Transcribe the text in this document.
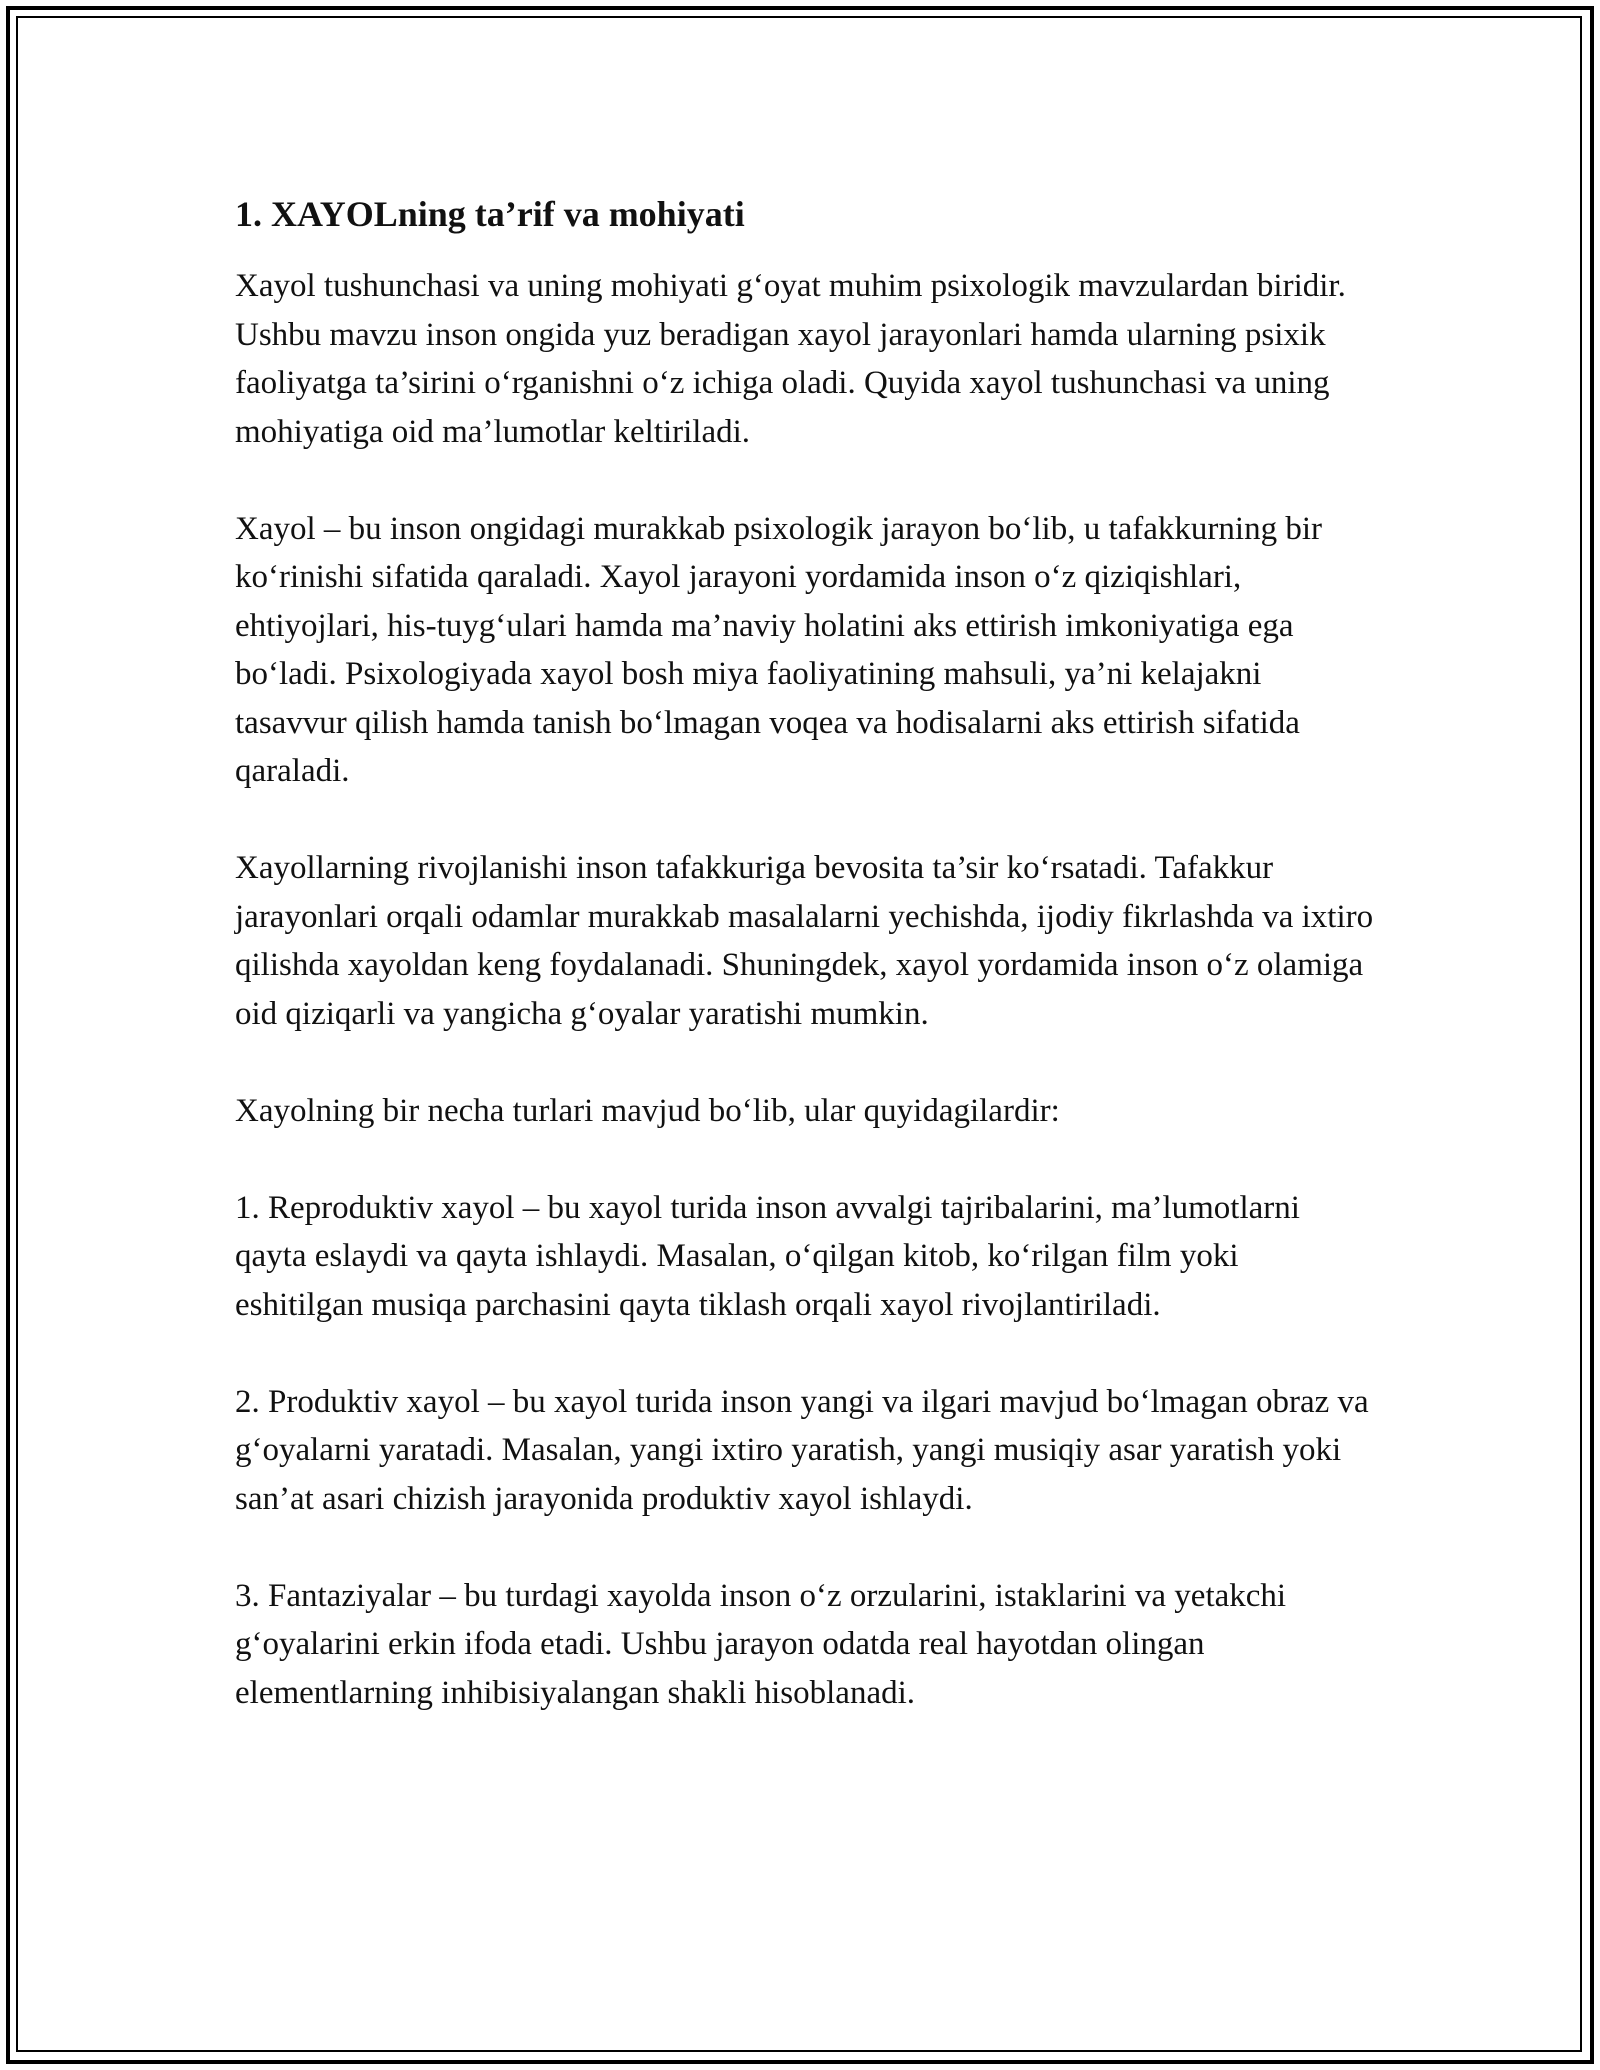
1. XAYOLning ta’rif va mohiyati

Xayol tushunchasi va uning mohiyati g‘oyat muhim psixologik mavzulardan biridir. Ushbu mavzu inson ongida yuz beradigan xayol jarayonlari hamda ularning psixik faoliyatga ta’sirini o‘rganishni o‘z ichiga oladi. Quyida xayol tushunchasi va uning mohiyatiga oid ma’lumotlar keltiriladi.

Xayol – bu inson ongidagi murakkab psixologik jarayon bo‘lib, u tafakkurning bir ko‘rinishi sifatida qaraladi. Xayol jarayoni yordamida inson o‘z qiziqishlari, ehtiyojlari, his-tuyg‘ulari hamda ma’naviy holatini aks ettirish imkoniyatiga ega bo‘ladi. Psixologiyada xayol bosh miya faoliyatining mahsuli, ya’ni kelajakni tasavvur qilish hamda tanish bo‘lmagan voqea va hodisalarni aks ettirish sifatida qaraladi.

Xayollarning rivojlanishi inson tafakkuriga bevosita ta’sir ko‘rsatadi. Tafakkur jarayonlari orqali odamlar murakkab masalalarni yechishda, ijodiy fikrlashda va ixtiro qilishda xayoldan keng foydalanadi. Shuningdek, xayol yordamida inson o‘z olamiga oid qiziqarli va yangicha g‘oyalar yaratishi mumkin.

Xayolning bir necha turlari mavjud bo‘lib, ular quyidagilardir:

1. Reproduktiv xayol – bu xayol turida inson avvalgi tajribalarini, ma’lumotlarni qayta eslaydi va qayta ishlaydi. Masalan, o‘qilgan kitob, ko‘rilgan film yoki eshitilgan musiqa parchasini qayta tiklash orqali xayol rivojlantiriladi.

2. Produktiv xayol – bu xayol turida inson yangi va ilgari mavjud bo‘lmagan obraz va g‘oyalarni yaratadi. Masalan, yangi ixtiro yaratish, yangi musiqiy asar yaratish yoki san’at asari chizish jarayonida produktiv xayol ishlaydi.

3. Fantaziyalar – bu turdagi xayolda inson o‘z orzularini, istaklarini va yetakchi g‘oyalarini erkin ifoda etadi. Ushbu jarayon odatda real hayotdan olingan elementlarning inhibisiyalangan shakli hisoblanadi.
